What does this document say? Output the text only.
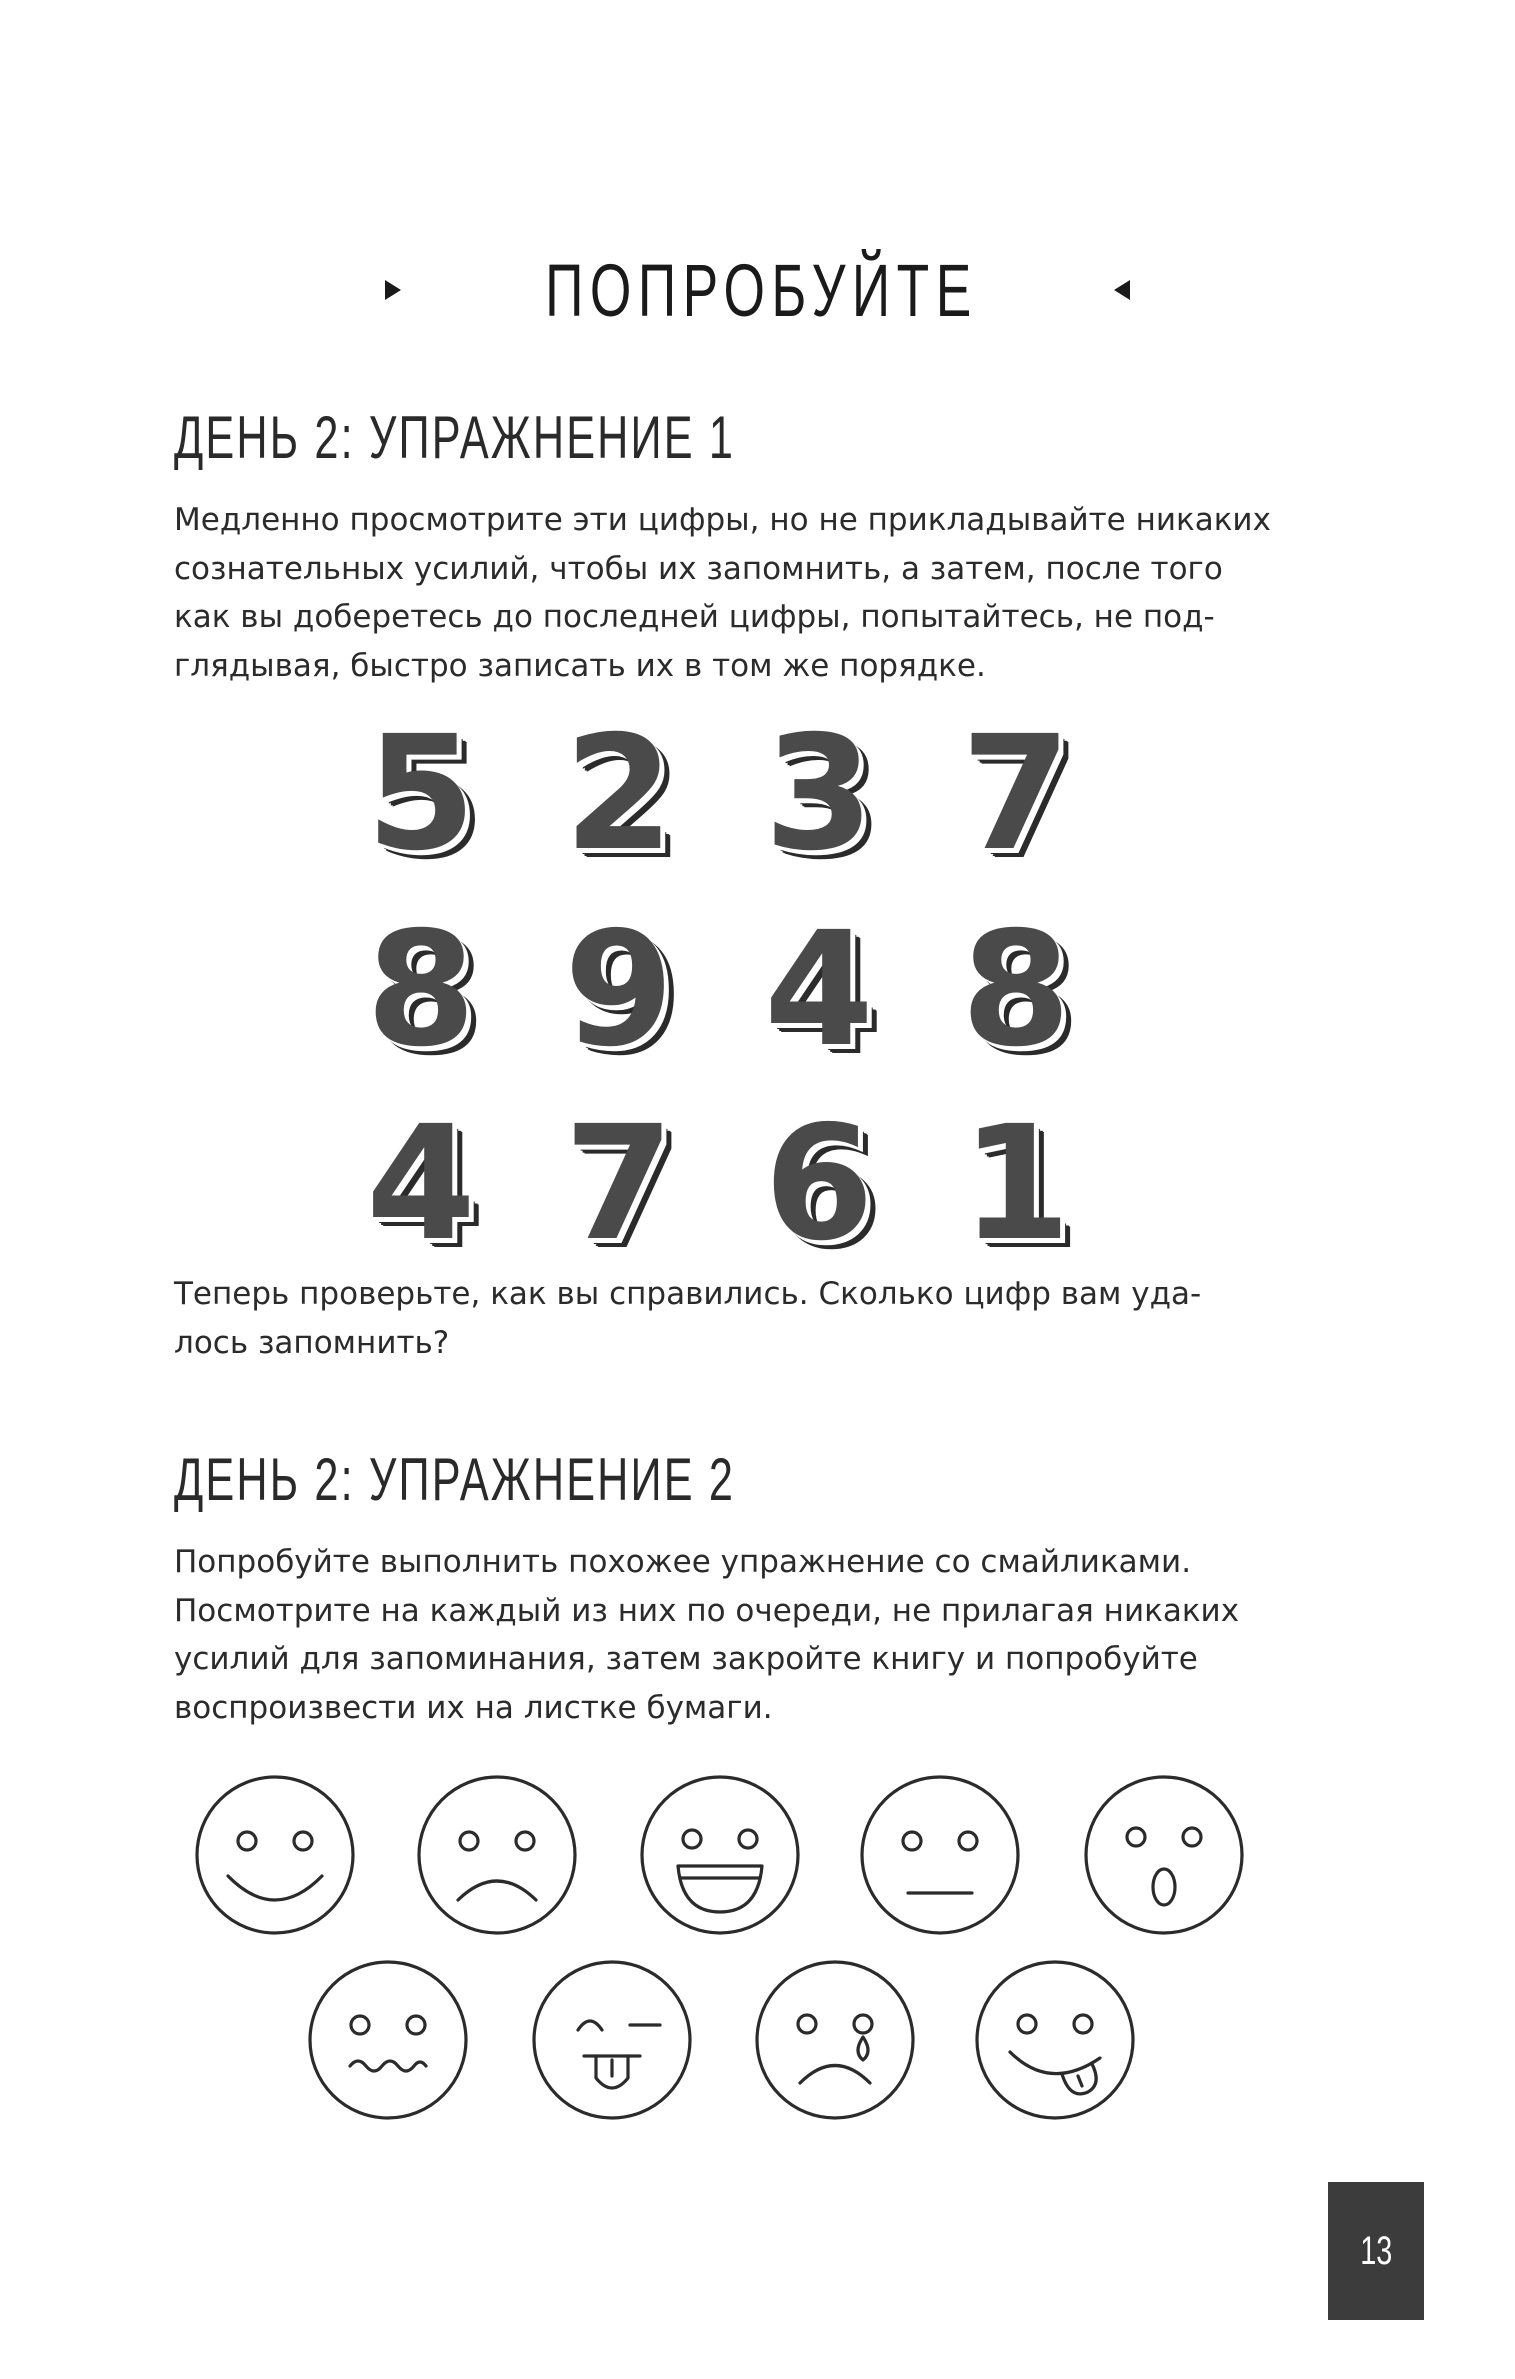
ПОПРОБУЙТЕ
ДЕНЬ 2: УПРАЖНЕНИЕ 1
Медленно просмотрите эти цифры, но не прикладывайте никаких
сознательных усилий, чтобы их запомнить, а затем, после того
как вы доберетесь до последней цифры, попытайтесь, не под-
глядывая, быстро записать их в том же порядке.
5 2 3 7
8 9 4 8
4 7 6 1
Теперь проверьте, как вы справились. Сколько цифр вам уда-
лось запомнить?
ДЕНЬ 2: УПРАЖНЕНИЕ 2
Попробуйте выполнить похожее упражнение со смайликами.
Посмотрите на каждый из них по очереди, не прилагая никаких
усилий для запоминания, затем закройте книгу и попробуйте
воспроизвести их на листке бумаги.
13
